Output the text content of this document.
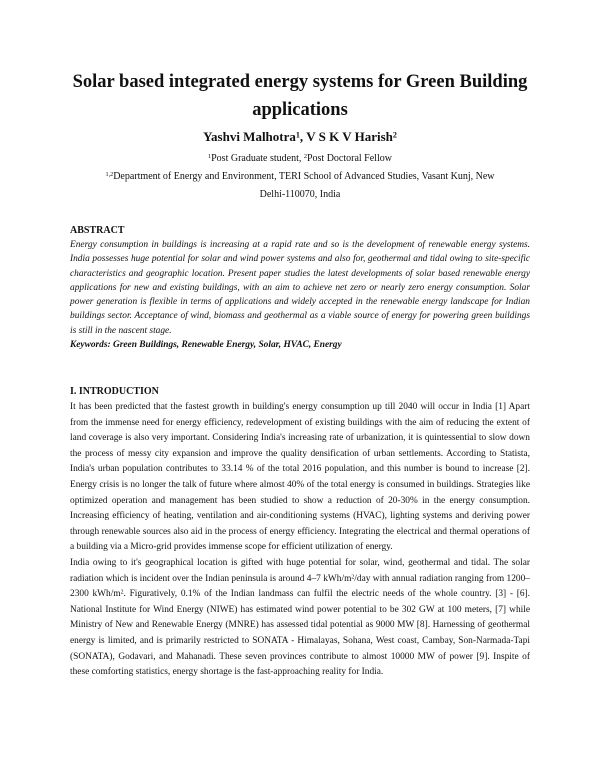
Solar based integrated energy systems for Green Building
applications
Yashvi Malhotra$^1$, V S K V Harish$^2$
$^1$Post Graduate student, $^2$Post Doctoral Fellow
$^{1,2}$Department of Energy and Environment, TERI School of Advanced Studies, Vasant Kunj, New
Delhi-110070, India
ABSTRACT

Energy consumption in buildings is increasing at a rapid rate and so is the development of renewable energy systems. India possesses huge potential for solar and wind power systems and also for, geothermal and tidal owing to site-specific characteristics and geographic location. Present paper studies the latest developments of solar based renewable energy applications for new and existing buildings, with an aim to achieve net zero or nearly zero energy consumption. Solar power generation is flexible in terms of applications and widely accepted in the renewable energy landscape for Indian buildings sector. Acceptance of wind, biomass and geothermal as a viable source of energy for powering green buildings is still in the nascent stage.

Keywords: Green Buildings, Renewable Energy, Solar, HVAC, Energy
I. INTRODUCTION

It has been predicted that the fastest growth in building's energy consumption up till 2040 will occur in India [1] Apart from the immense need for energy efficiency, redevelopment of existing buildings with the aim of reducing the extent of land coverage is also very important. Considering India's increasing rate of urbanization, it is quintessential to slow down the process of messy city expansion and improve the quality densification of urban settlements. According to Statista, India's urban population contributes to 33.14 % of the total 2016 population, and this number is bound to increase [2]. Energy crisis is no longer the talk of future where almost 40% of the total energy is consumed in buildings. Strategies like optimized operation and management has been studied to show a reduction of 20-30% in the energy consumption. Increasing efficiency of heating, ventilation and air-conditioning systems (HVAC), lighting systems and deriving power through renewable sources also aid in the process of energy efficiency. Integrating the electrical and thermal operations of a building via a Micro-grid provides immense scope for efficient utilization of energy.

India owing to it's geographical location is gifted with huge potential for solar, wind, geothermal and tidal. The solar radiation which is incident over the Indian peninsula is around 4–7 kWh/$m^2$/day with annual radiation ranging from 1200–2300 kWh/$m^2$. Figuratively, 0.1% of the Indian landmass can fulfil the electric needs of the whole country. [3] - [6]. National Institute for Wind Energy (NIWE) has estimated wind power potential to be 302 GW at 100 meters, [7] while Ministry of New and Renewable Energy (MNRE) has assessed tidal potential as 9000 MW [8]. Harnessing of geothermal energy is limited, and is primarily restricted to SONATA - Himalayas, Sohana, West coast, Cambay, Son-Narmada-Tapi (SONATA), Godavari, and Mahanadi. These seven provinces contribute to almost 10000 MW of power [9]. Inspite of these comforting statistics, energy shortage is the fast-approaching reality for India.
